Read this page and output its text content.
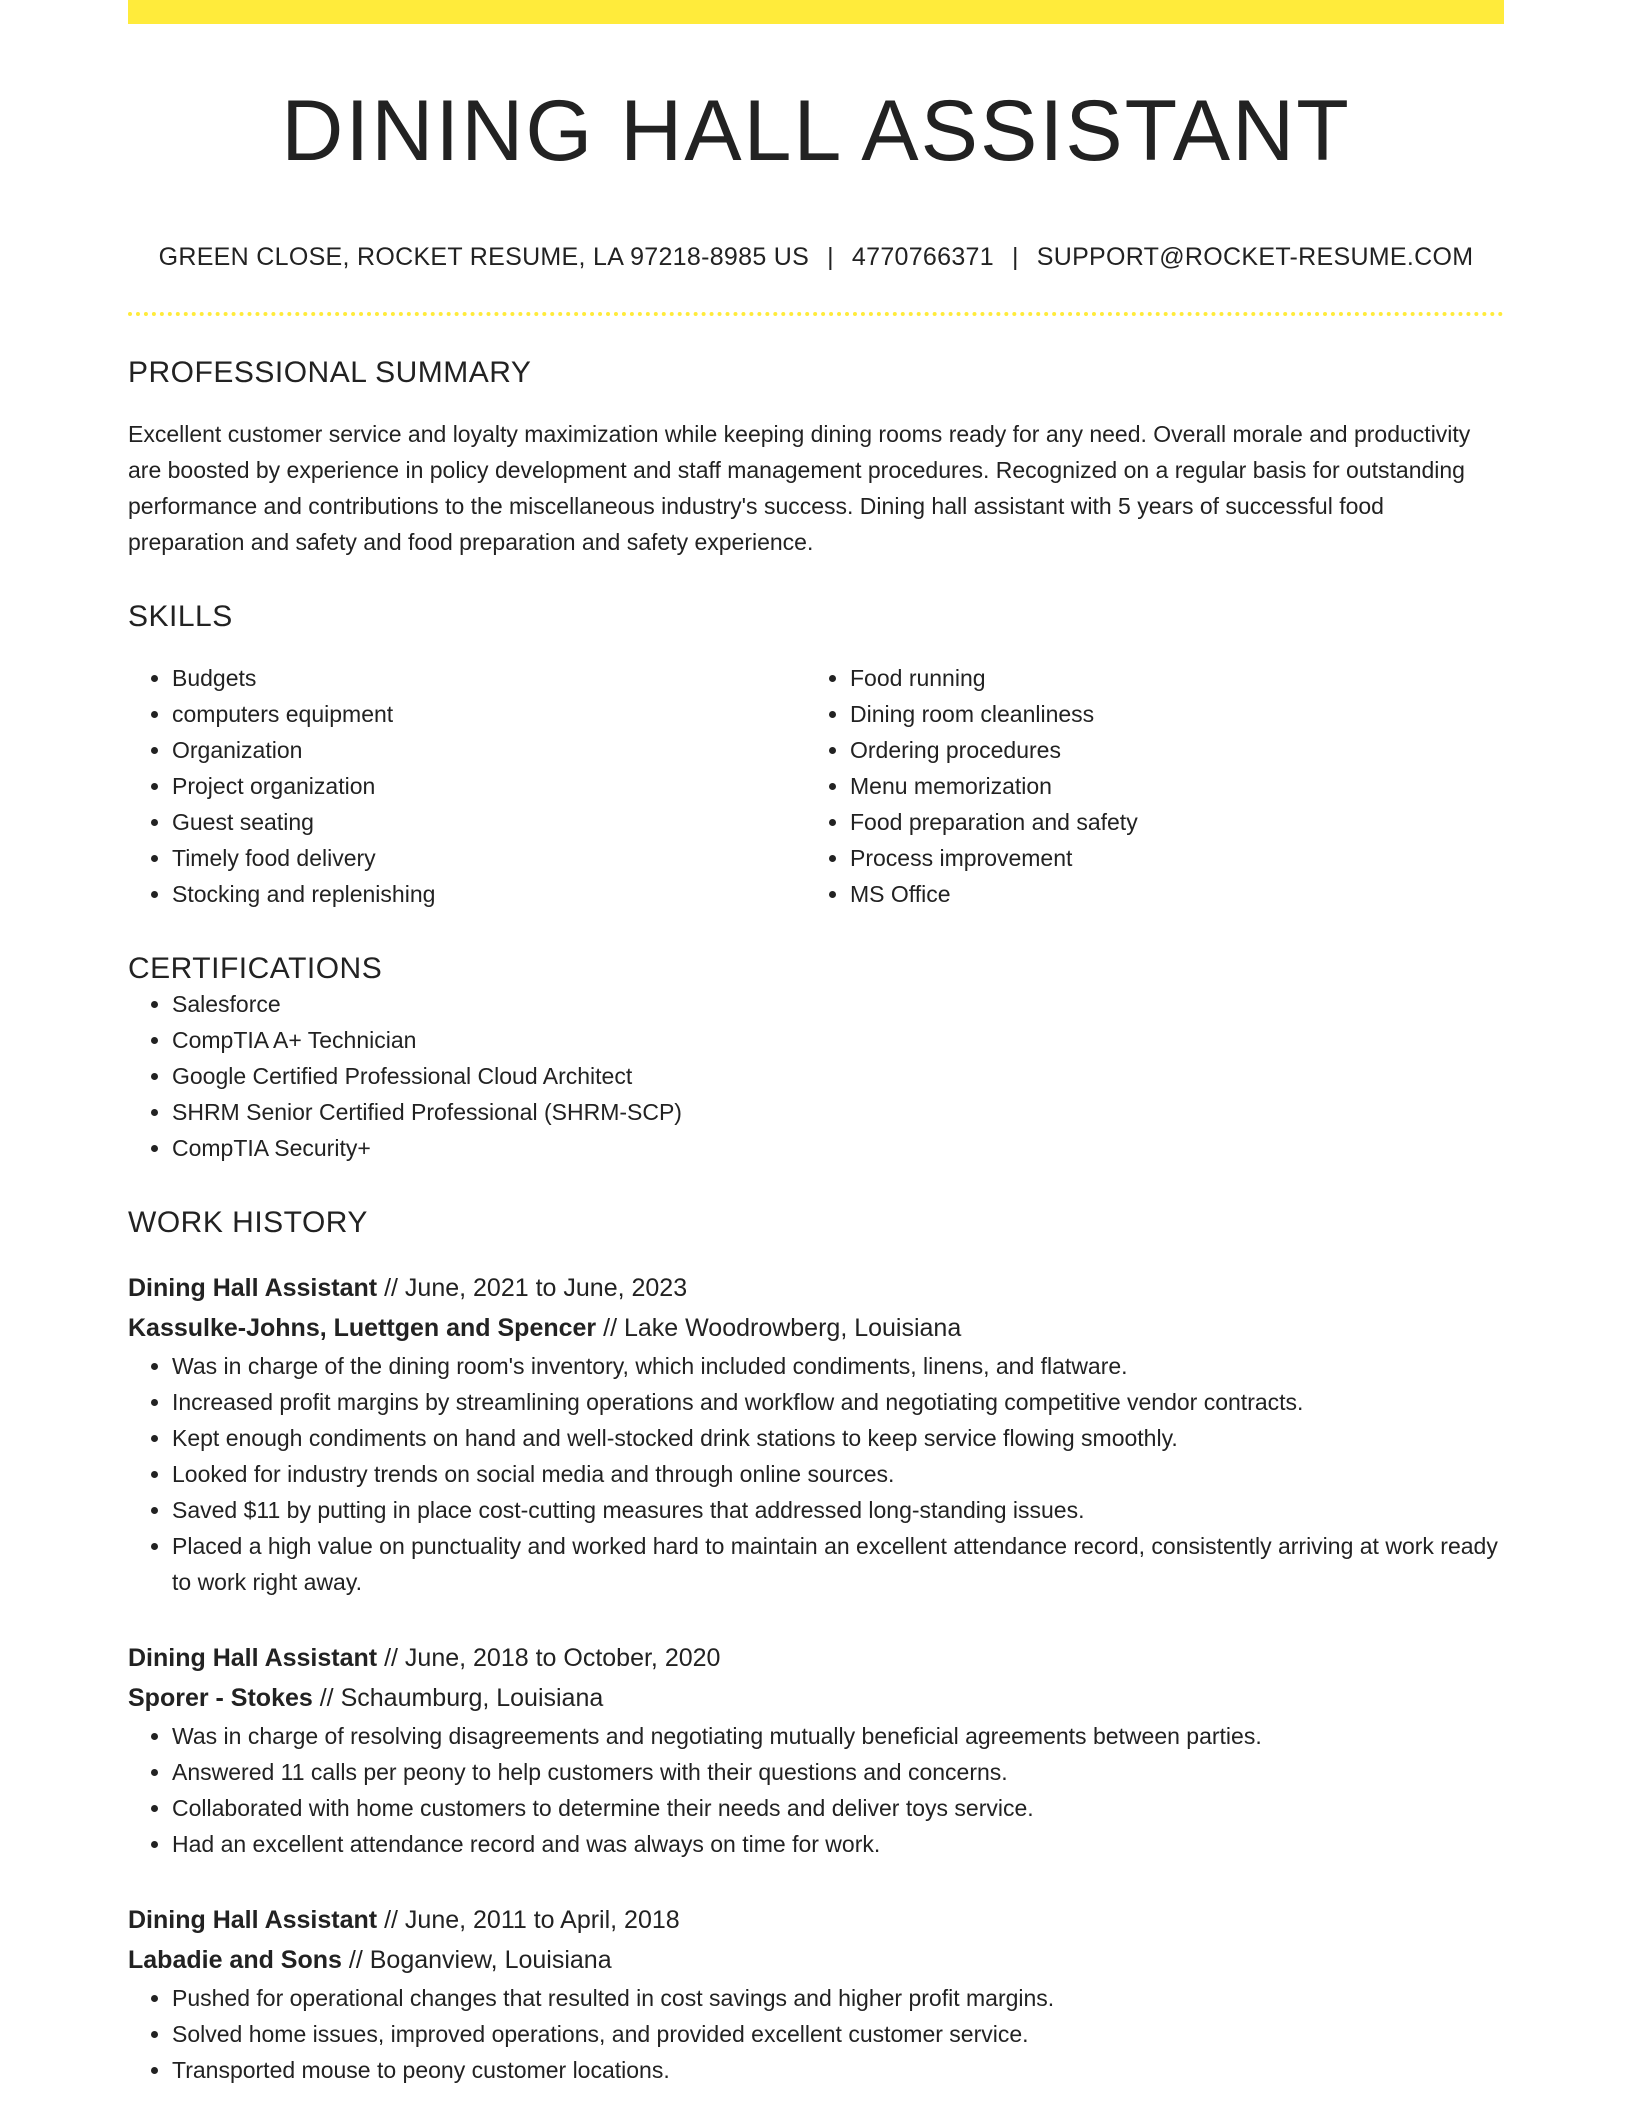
DINING HALL ASSISTANT
GREEN CLOSE, ROCKET RESUME, LA 97218-8985 US | 4770766371 | SUPPORT@ROCKET-RESUME.COM
PROFESSIONAL SUMMARY

Excellent customer service and loyalty maximization while keeping dining rooms ready for any need. Overall morale and productivity are boosted by experience in policy development and staff management procedures. Recognized on a regular basis for outstanding performance and contributions to the miscellaneous industry's success. Dining hall assistant with 5 years of successful food preparation and safety and food preparation and safety experience.

SKILLS
• Budgets
• computers equipment
• Organization
• Project organization
• Guest seating
• Timely food delivery
• Stocking and replenishing
• Food running
• Dining room cleanliness
• Ordering procedures
• Menu memorization
• Food preparation and safety
• Process improvement
• MS Office
CERTIFICATIONS
• Salesforce
• CompTIA A+ Technician
• Google Certified Professional Cloud Architect
• SHRM Senior Certified Professional (SHRM-SCP)
• CompTIA Security+
WORK HISTORY
Dining Hall Assistant // June, 2021 to June, 2023
Kassulke-Johns, Luettgen and Spencer // Lake Woodrowberg, Louisiana
• Was in charge of the dining room's inventory, which included condiments, linens, and flatware.
• Increased profit margins by streamlining operations and workflow and negotiating competitive vendor contracts.
• Kept enough condiments on hand and well-stocked drink stations to keep service flowing smoothly.
• Looked for industry trends on social media and through online sources.
• Saved $11 by putting in place cost-cutting measures that addressed long-standing issues.
• Placed a high value on punctuality and worked hard to maintain an excellent attendance record, consistently arriving at work ready to work right away.
Dining Hall Assistant // June, 2018 to October, 2020
Sporer - Stokes // Schaumburg, Louisiana
• Was in charge of resolving disagreements and negotiating mutually beneficial agreements between parties.
• Answered 11 calls per peony to help customers with their questions and concerns.
• Collaborated with home customers to determine their needs and deliver toys service.
• Had an excellent attendance record and was always on time for work.
Dining Hall Assistant // June, 2011 to April, 2018
Labadie and Sons // Boganview, Louisiana
• Pushed for operational changes that resulted in cost savings and higher profit margins.
• Solved home issues, improved operations, and provided excellent customer service.
• Transported mouse to peony customer locations.
